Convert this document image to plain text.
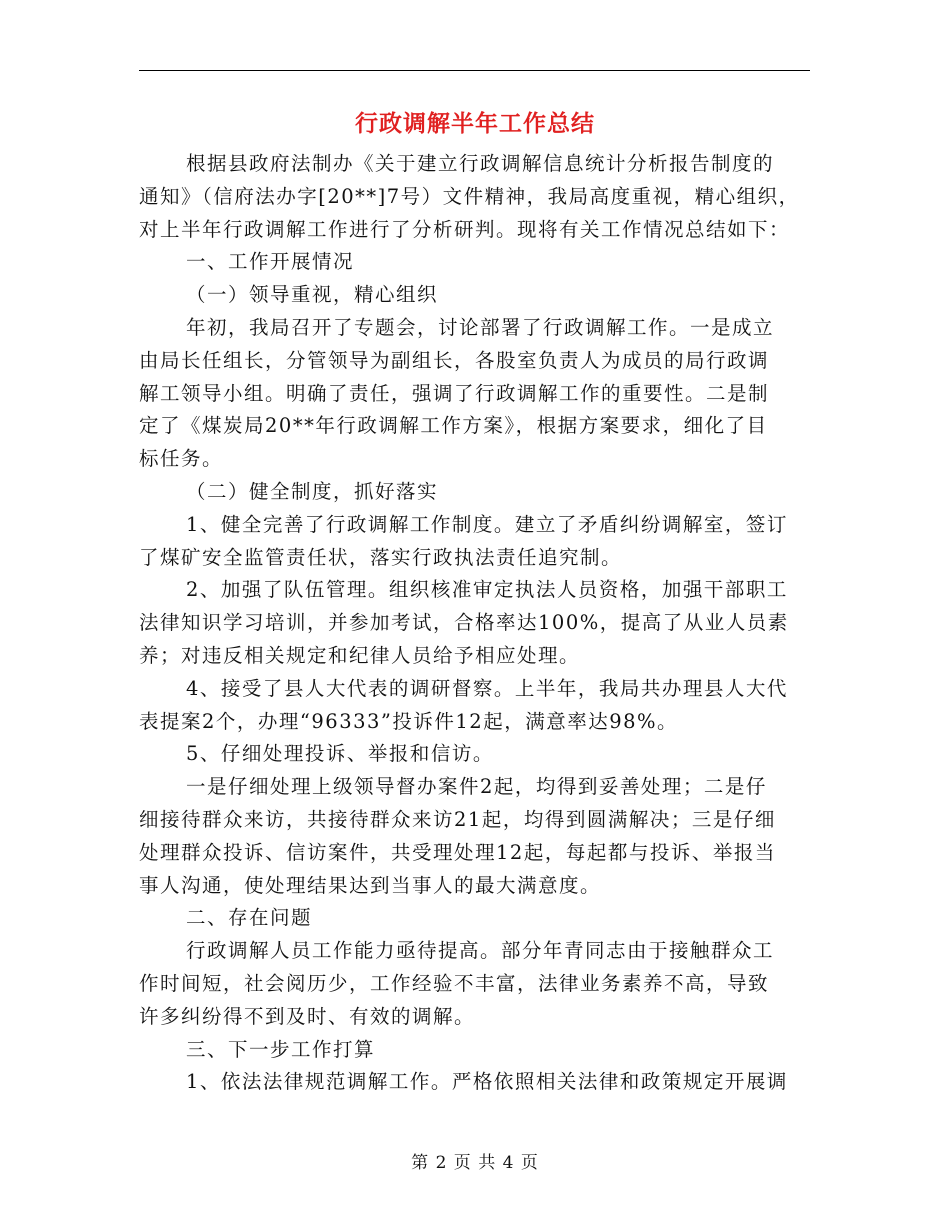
行政调解半年工作总结

根据县政府法制办《关于建立行政调解信息统计分析报告制度的

通知》（信府法办字[20**]7号）文件精神，我局高度重视，精心组织，

对上半年行政调解工作进行了分析研判。现将有关工作情况总结如下：

一、工作开展情况

（一）领导重视，精心组织

年初，我局召开了专题会，讨论部署了行政调解工作。一是成立

由局长任组长，分管领导为副组长，各股室负责人为成员的局行政调

解工领导小组。明确了责任，强调了行政调解工作的重要性。二是制

定了《煤炭局20**年行政调解工作方案》，根据方案要求，细化了目

标任务。

（二）健全制度，抓好落实

1、健全完善了行政调解工作制度。建立了矛盾纠纷调解室，签订

了煤矿安全监管责任状，落实行政执法责任追究制。

2、加强了队伍管理。组织核准审定执法人员资格，加强干部职工

法律知识学习培训，并参加考试，合格率达100%，提高了从业人员素

养；对违反相关规定和纪律人员给予相应处理。

4、接受了县人大代表的调研督察。上半年，我局共办理县人大代

表提案2个，办理“96333”投诉件12起，满意率达98%。

5、仔细处理投诉、举报和信访。

一是仔细处理上级领导督办案件2起，均得到妥善处理；二是仔

细接待群众来访，共接待群众来访21起，均得到圆满解决；三是仔细

处理群众投诉、信访案件，共受理处理12起，每起都与投诉、举报当

事人沟通，使处理结果达到当事人的最大满意度。

二、存在问题

行政调解人员工作能力亟待提高。部分年青同志由于接触群众工

作时间短，社会阅历少，工作经验不丰富，法律业务素养不高，导致

许多纠纷得不到及时、有效的调解。

三、下一步工作打算

1、依法法律规范调解工作。严格依照相关法律和政策规定开展调

第 2 页 共 4 页
